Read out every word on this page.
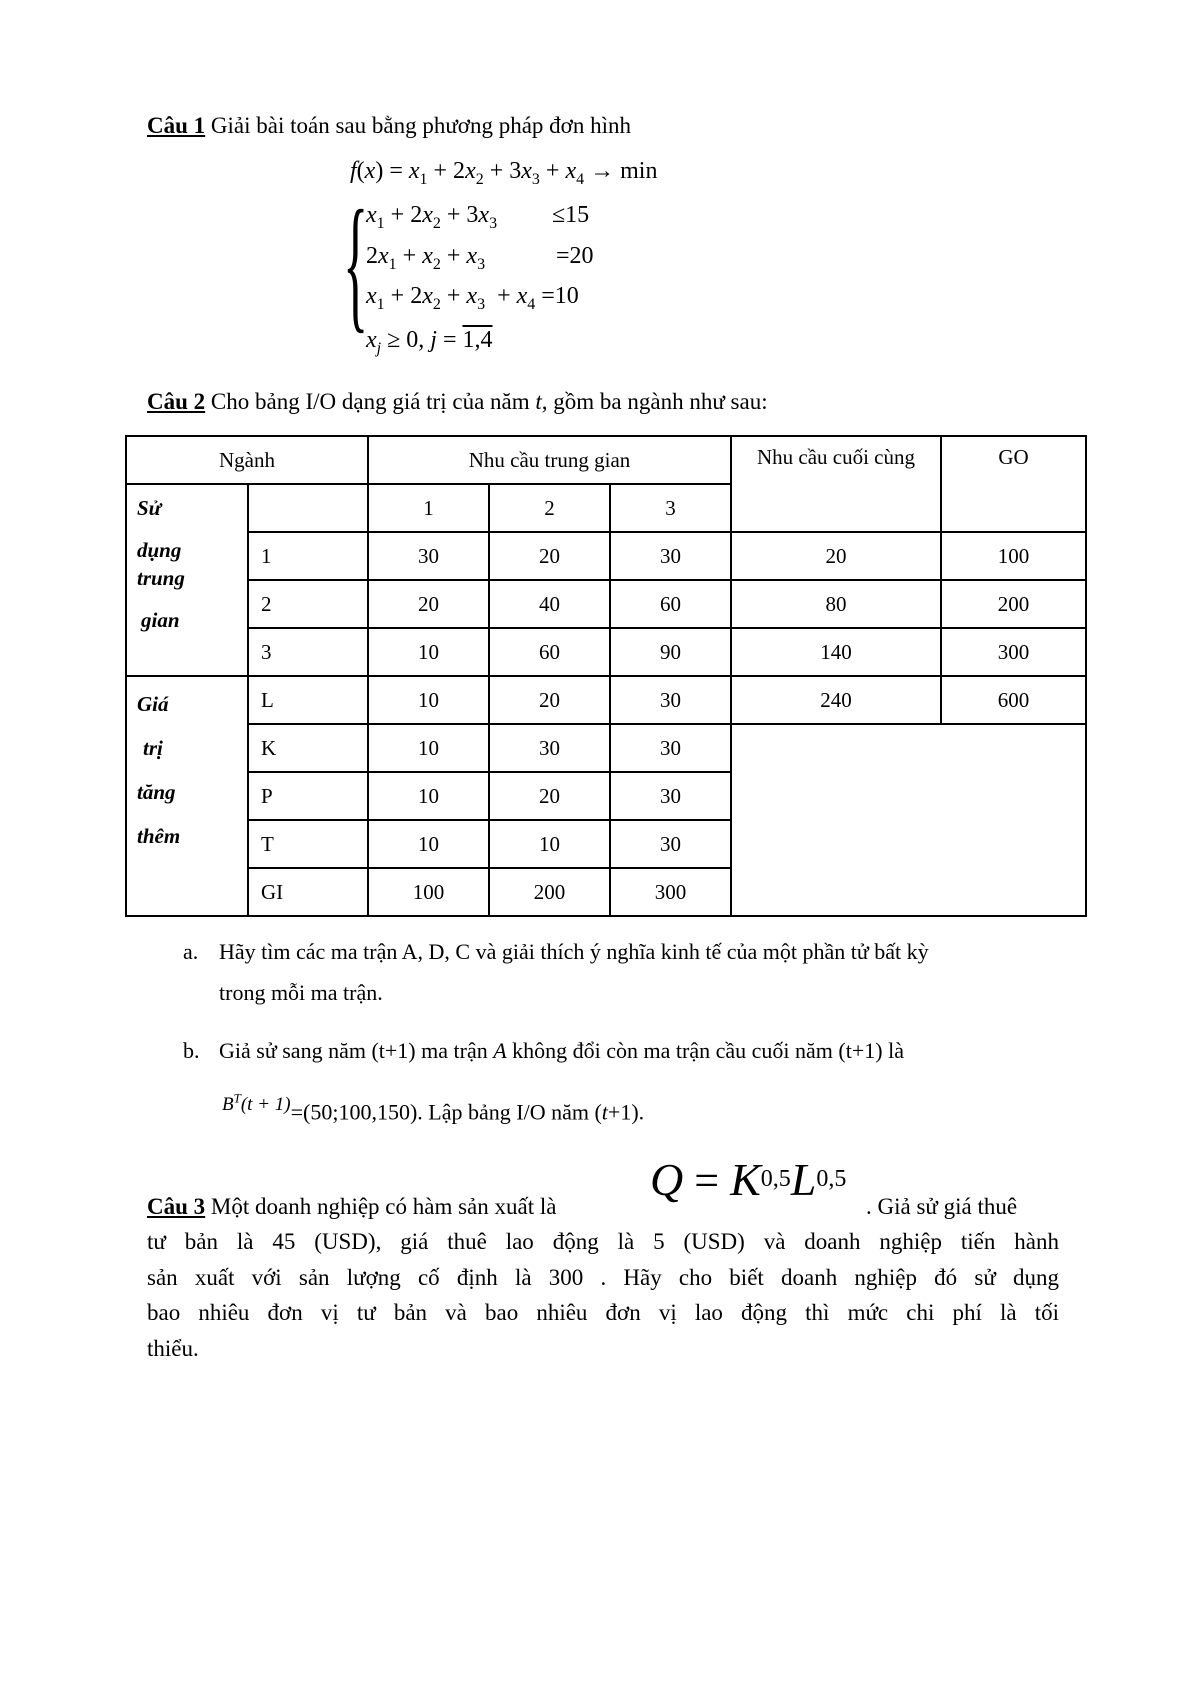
Câu 1 Giải bài toán sau bằng phương pháp đơn hình
$f(x) = x_1 + 2x_2 + 3x_3 + x_4 \to \min$
{
$x_1 + 2x_2 + 3x_3 \le 15$
$2x_1 + x_2 + x_3$	=20
$x_1 + 2x_2 + x_3 + x_4 =10$
$x_j \ge 0$, j = 1,4
Câu 2 Cho bảng I/O dạng giá trị của năm t, gồm ba ngành như sau:
Ngành		Nhu cầu trung gian			Nhu cầu cuối cùng	GO
		1	2	3		
	1	30	20	30	20	100
	2	20	40	60	80	200
	3	10	60	90	140	300
	L	10	20	30	240	600
	K	10	30	30		
	P	10	20	30		
	T	10	10	30		
	GI	100	200	300		
Sử
dụng
trung
gian
Giá
trị
tăng
thêm
a. Hãy tìm các ma trận A, D, C và giải thích ý nghĩa kinh tế của một phần tử bất kỳ
trong mỗi ma trận.
b. Giả sử sang năm (t+1) ma trận A không đổi còn ma trận cầu cuối năm (t+1) là
$B^T(t$ + 1)=(50;100,150). Lập bảng I/O năm (t+1).
Câu 3 Một doanh nghiệp có hàm sản xuất là
$Q = K^{0,5}L^{0,5}$
. Giả sử giá thuê
tư bản là 45 (USD), giá thuê lao động là 5 (USD) và doanh nghiệp tiến hành
sản xuất với sản lượng cố định là 300 . Hãy cho biết doanh nghiệp đó sử dụng
bao nhiêu đơn vị tư bản và bao nhiêu đơn vị lao động thì mức chi phí là tối
thiểu.
